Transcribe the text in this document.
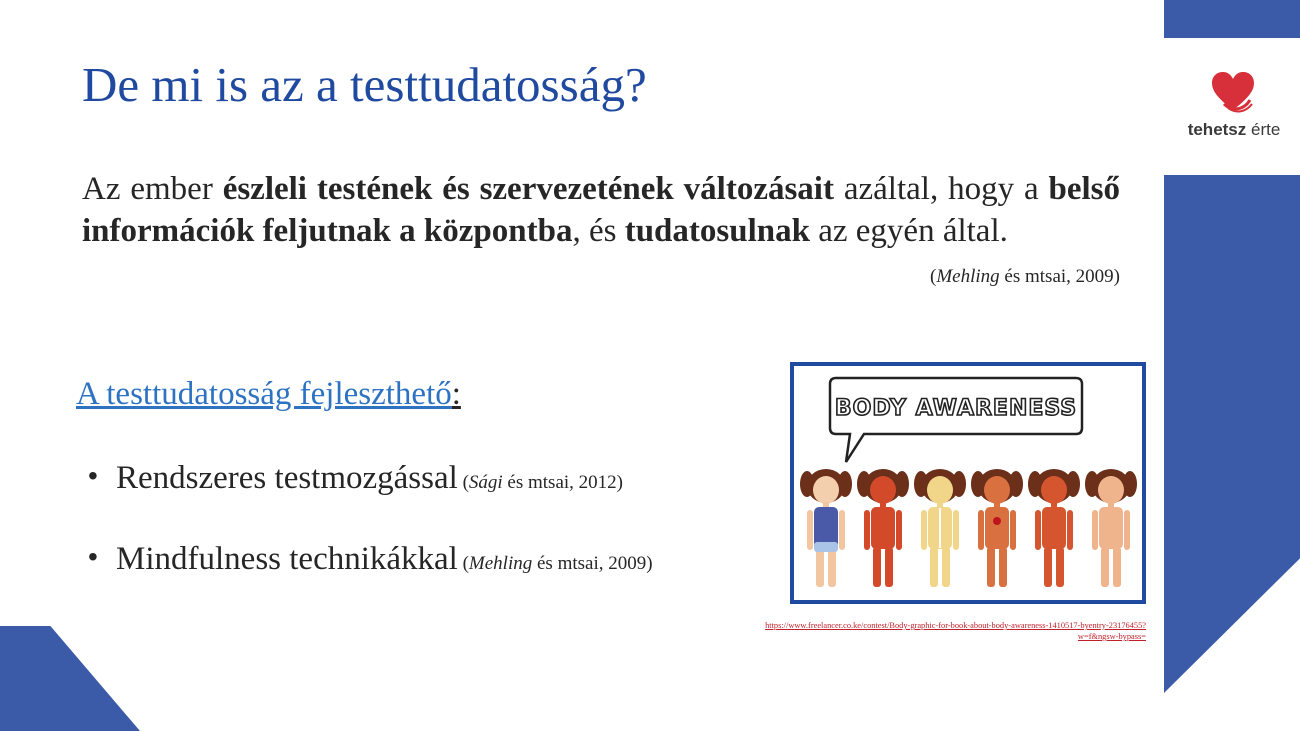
tehetsz érte
De mi is az a testtudatosság?
Az ember észleli testének és szervezetének változásait azáltal, hogy a belső információk feljutnak a központba, és tudatosulnak az egyén által.
(Mehling és mtsai, 2009)
A testtudatosság fejleszthető:
• Rendszeres testmozgással (Sági és mtsai, 2012)
• Mindfulness technikákkal (Mehling és mtsai, 2009)
BODY AWARENESS
https://www.freelancer.co.ke/contest/Body-graphic-for-book-about-body-awareness-1410517-byentry-23176455?w=f&ngsw-bypass=
